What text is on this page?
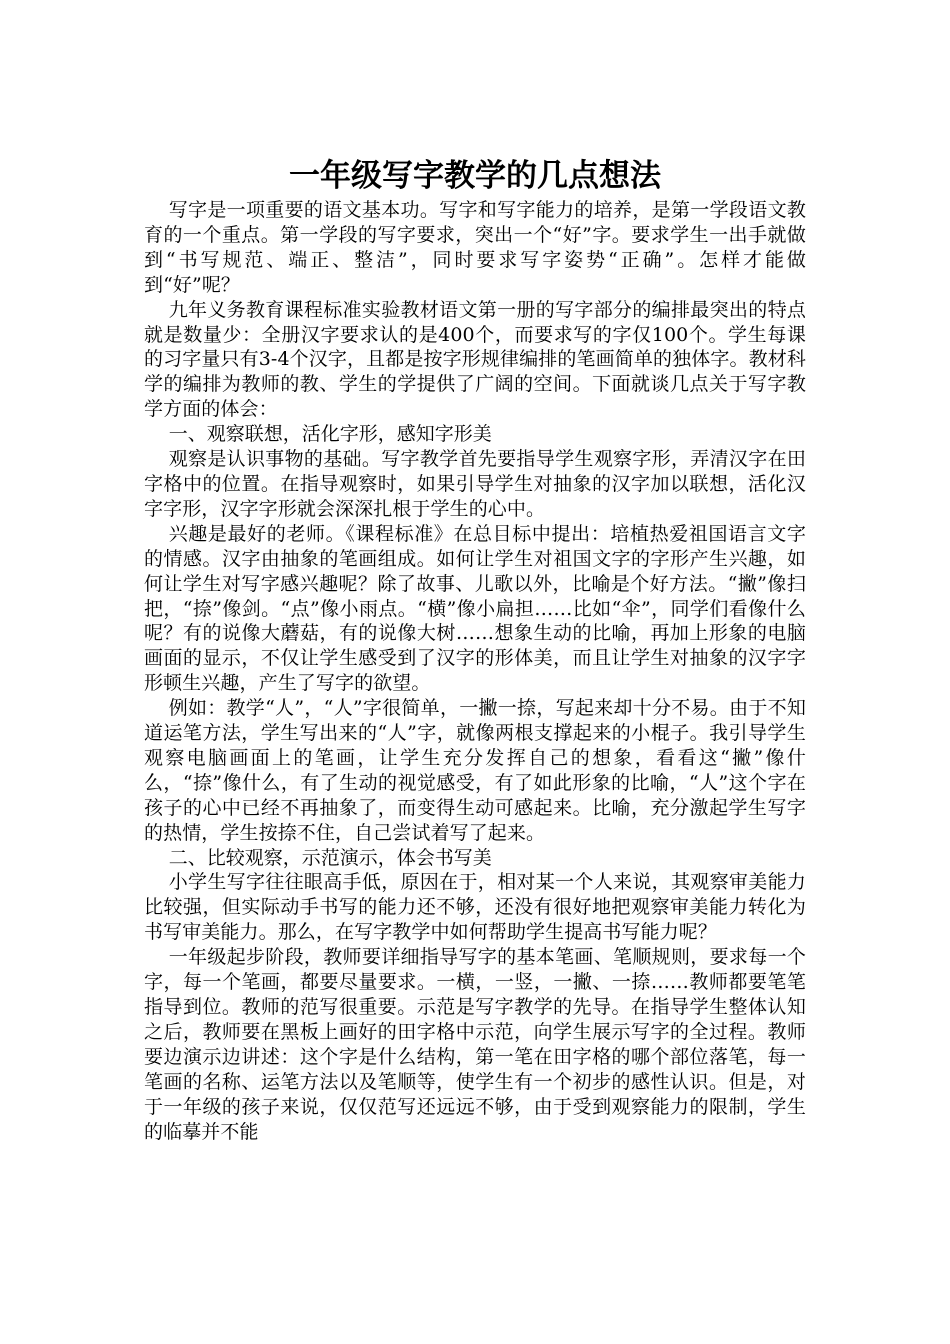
一年级写字教学的几点想法

写字是一项重要的语文基本功。写字和写字能力的培养，是第一学段语文教育的一个重点。第一学段的写字要求，突出一个“好”字。要求学生一出手就做到“书写规范、端正、整洁”，同时要求写字姿势“正确”。怎样才能做到“好”呢？

九年义务教育课程标准实验教材语文第一册的写字部分的编排最突出的特点就是数量少：全册汉字要求认的是400个，而要求写的字仅100个。学生每课的习字量只有3-4个汉字，且都是按字形规律编排的笔画简单的独体字。教材科学的编排为教师的教、学生的学提供了广阔的空间。下面就谈几点关于写字教学方面的体会：

一、观察联想，活化字形，感知字形美

观察是认识事物的基础。写字教学首先要指导学生观察字形，弄清汉字在田字格中的位置。在指导观察时，如果引导学生对抽象的汉字加以联想，活化汉字字形，汉字字形就会深深扎根于学生的心中。

兴趣是最好的老师。《课程标准》在总目标中提出：培植热爱祖国语言文字的情感。汉字由抽象的笔画组成。如何让学生对祖国文字的字形产生兴趣，如何让学生对写字感兴趣呢？除了故事、儿歌以外，比喻是个好方法。“撇”像扫把，“捺”像剑。“点”像小雨点。“横”像小扁担……比如“伞”，同学们看像什么呢？有的说像大蘑菇，有的说像大树……想象生动的比喻，再加上形象的电脑画面的显示，不仅让学生感受到了汉字的形体美，而且让学生对抽象的汉字字形顿生兴趣，产生了写字的欲望。

例如：教学“人”，“人”字很简单，一撇一捺，写起来却十分不易。由于不知道运笔方法，学生写出来的“人”字，就像两根支撑起来的小棍子。我引导学生观察电脑画面上的笔画，让学生充分发挥自己的想象，看看这“撇”像什么，“捺”像什么，有了生动的视觉感受，有了如此形象的比喻，“人”这个字在孩子的心中已经不再抽象了，而变得生动可感起来。比喻，充分激起学生写字的热情，学生按捺不住，自己尝试着写了起来。

二、比较观察，示范演示，体会书写美

小学生写字往往眼高手低，原因在于，相对某一个人来说，其观察审美能力比较强，但实际动手书写的能力还不够，还没有很好地把观察审美能力转化为书写审美能力。那么，在写字教学中如何帮助学生提高书写能力呢？

一年级起步阶段，教师要详细指导写字的基本笔画、笔顺规则，要求每一个字，每一个笔画，都要尽量要求。一横，一竖，一撇、一捺……教师都要笔笔指导到位。教师的范写很重要。示范是写字教学的先导。在指导学生整体认知之后，教师要在黑板上画好的田字格中示范，向学生展示写字的全过程。教师要边演示边讲述：这个字是什么结构，第一笔在田字格的哪个部位落笔，每一笔画的名称、运笔方法以及笔顺等，使学生有一个初步的感性认识。但是，对于一年级的孩子来说，仅仅范写还远远不够，由于受到观察能力的限制，学生的临摹并不能
